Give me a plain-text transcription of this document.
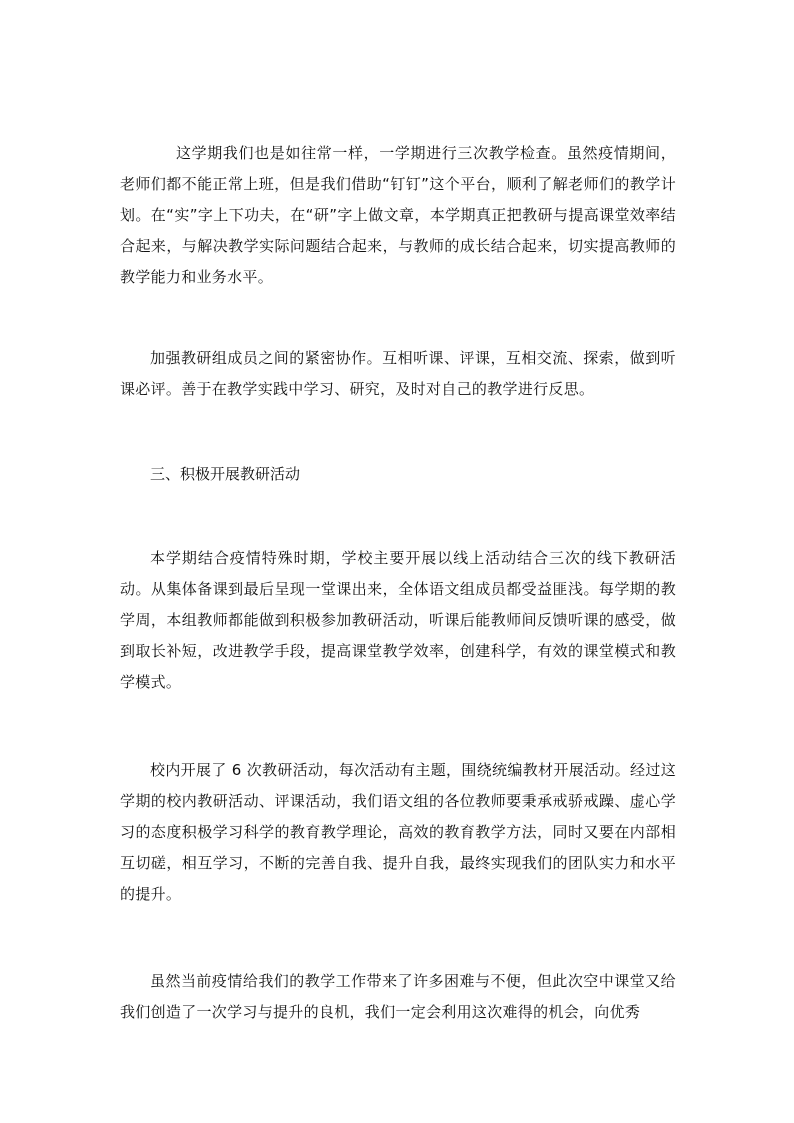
这学期我们也是如往常一样，一学期进行三次教学检查。虽然疫情期间，老师们都不能正常上班，但是我们借助“钉钉”这个平台，顺利了解老师们的教学计划。在“实”字上下功夫，在“研”字上做文章，本学期真正把教研与提高课堂效率结合起来，与解决教学实际问题结合起来，与教师的成长结合起来，切实提高教师的教学能力和业务水平。

加强教研组成员之间的紧密协作。互相听课、评课，互相交流、探索，做到听课必评。善于在教学实践中学习、研究，及时对自己的教学进行反思。

三、积极开展教研活动

本学期结合疫情特殊时期，学校主要开展以线上活动结合三次的线下教研活动。从集体备课到最后呈现一堂课出来，全体语文组成员都受益匪浅。每学期的教学周，本组教师都能做到积极参加教研活动，听课后能教师间反馈听课的感受，做到取长补短，改进教学手段，提高课堂教学效率，创建科学，有效的课堂模式和教学模式。

校内开展了 6 次教研活动，每次活动有主题，围绕统编教材开展活动。经过这学期的校内教研活动、评课活动，我们语文组的各位教师要秉承戒骄戒躁、虚心学习的态度积极学习科学的教育教学理论，高效的教育教学方法，同时又要在内部相互切磋，相互学习，不断的完善自我、提升自我，最终实现我们的团队实力和水平的提升。

虽然当前疫情给我们的教学工作带来了许多困难与不便，但此次空中课堂又给我们创造了一次学习与提升的良机，我们一定会利用这次难得的机会，向优秀
